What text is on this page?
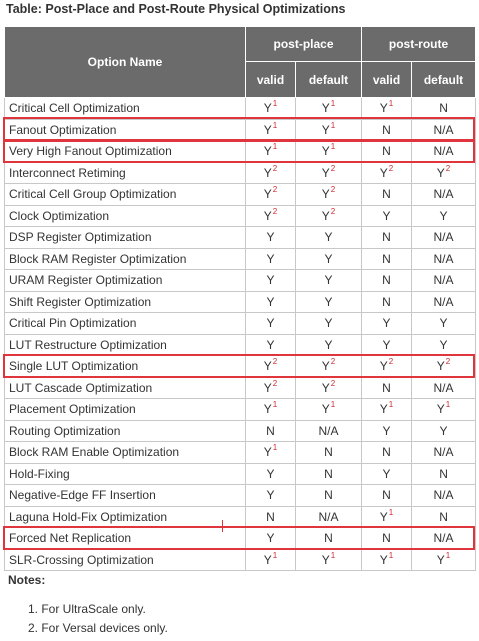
Table: Post-Place and Post-Route Physical Optimizations
Option Name	post-place		post-route	
	valid	default	valid	default
Critical Cell Optimization	$Y^1$	$Y^1$	$Y^1$	N
Fanout Optimization	$Y^1$	$Y^1$	N	N/A
Very High Fanout Optimization	$Y^1$	$Y^1$	N	N/A
Interconnect Retiming	$Y^2$	$Y^2$	$Y^2$	$Y^2$
Critical Cell Group Optimization	$Y^2$	$Y^2$	N	N/A
Clock Optimization	$Y^2$	$Y^2$	Y	Y
DSP Register Optimization	Y	Y	N	N/A
Block RAM Register Optimization	Y	Y	N	N/A
URAM Register Optimization	Y	Y	N	N/A
Shift Register Optimization	Y	Y	N	N/A
Critical Pin Optimization	Y	Y	Y	Y
LUT Restructure Optimization	Y	Y	Y	Y
Single LUT Optimization	$Y^2$	$Y^2$	$Y^2$	$Y^2$
LUT Cascade Optimization	$Y^2$	$Y^2$	N	N/A
Placement Optimization	$Y^1$	$Y^1$	$Y^1$	$Y^1$
Routing Optimization	N	N/A	Y	Y
Block RAM Enable Optimization	$Y^1$	N	N	N/A
Hold-Fixing	Y	N	Y	N
Negative-Edge FF Insertion	Y	N	N	N/A
Laguna Hold-Fix Optimization	N	N/A	$Y^1$	N
Forced Net Replication	Y	N	N	N/A
SLR-Crossing Optimization	$Y^1$	$Y^1$	$Y^1$	$Y^1$
Notes:
1. For UltraScale only.
2. For Versal devices only.
